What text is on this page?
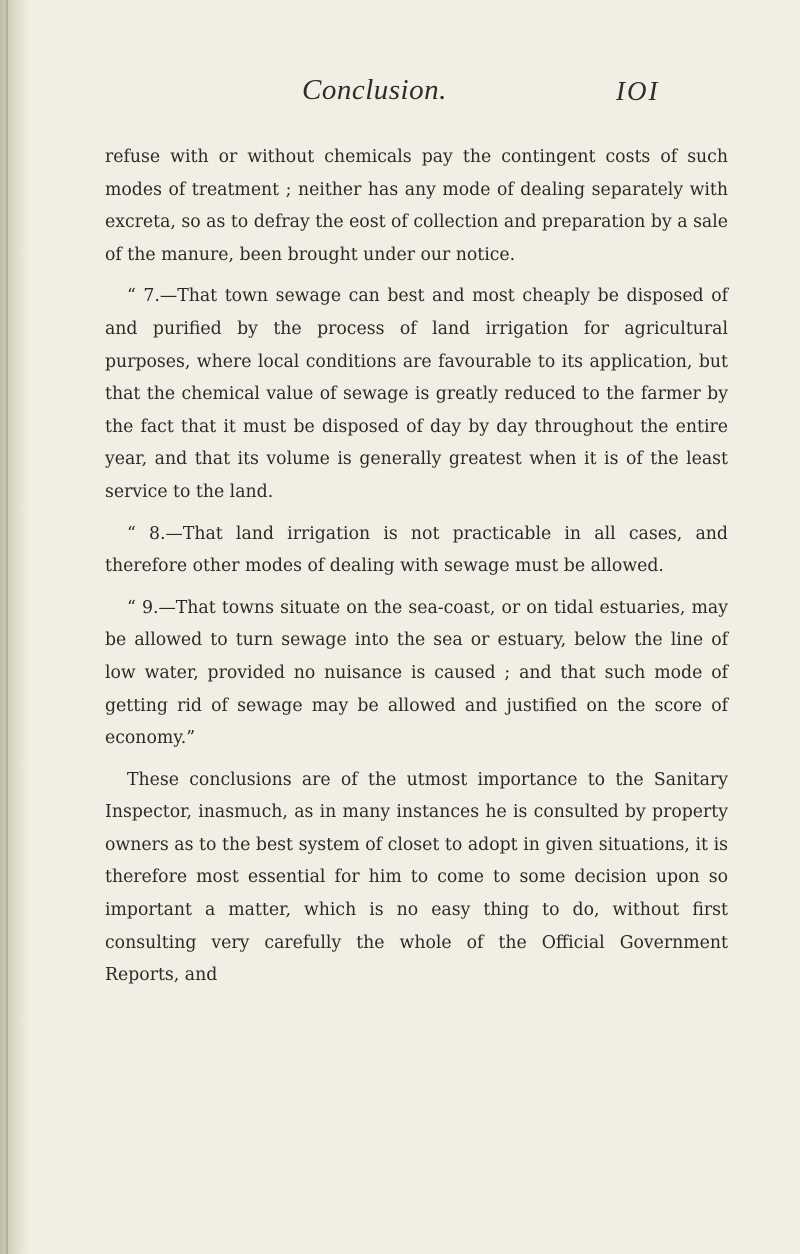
Conclusion.	IOI

refuse with or without chemicals pay the contingent costs of such modes of treatment ; neither has any mode of dealing separately with excreta, so as to defray the eost of collection and preparation by a sale of the manure, been brought under our notice.

“ 7.—That town sewage can best and most cheaply be disposed of and purified by the process of land irrigation for agricultural purposes, where local conditions are favourable to its application, but that the chemical value of sewage is greatly reduced to the farmer by the fact that it must be disposed of day by day throughout the entire year, and that its volume is generally greatest when it is of the least service to the land.

“ 8.—That land irrigation is not practicable in all cases, and therefore other modes of dealing with sewage must be allowed.

“ 9.—That towns situate on the sea-coast, or on tidal estuaries, may be allowed to turn sewage into the sea or estuary, below the line of low water, provided no nuisance is caused ; and that such mode of getting rid of sewage may be allowed and justified on the score of economy.”

These conclusions are of the utmost importance to the Sanitary Inspector, inasmuch, as in many instances he is consulted by property owners as to the best system of closet to adopt in given situations, it is therefore most essential for him to come to some decision upon so important a matter, which is no easy thing to do, without first consulting very carefully the whole of the Official Government Reports, and
